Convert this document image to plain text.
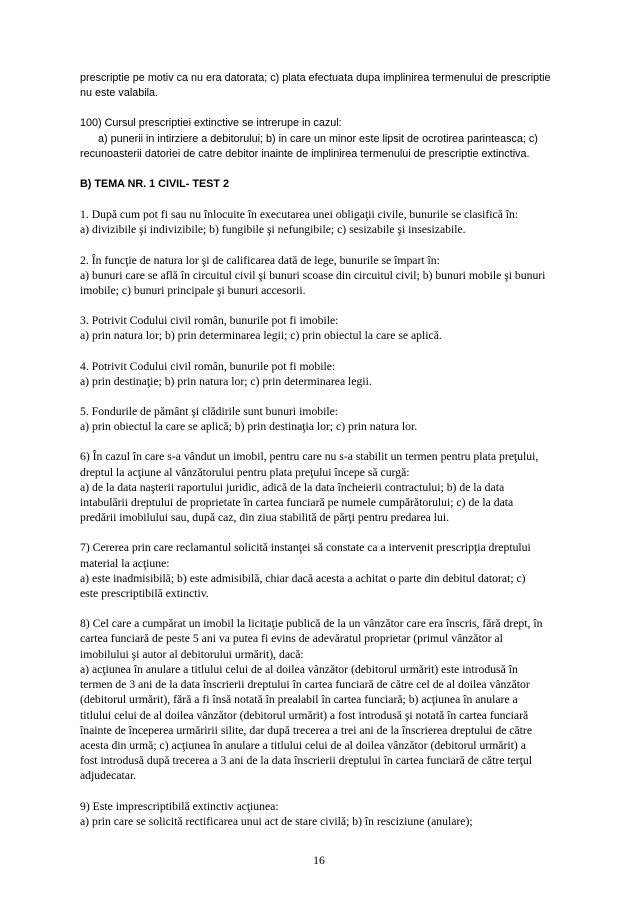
prescriptie pe motiv ca nu era datorata; c) plata efectuata dupa implinirea termenului de prescriptie
nu este valabila.

100) Cursul prescriptiei extinctive se intrerupe in cazul:
a) punerii in intirziere a debitorului; b) in care un minor este lipsit de ocrotirea parinteasca; c)
recunoasterii datoriei de catre debitor inainte de implinirea termenului de prescriptie extinctiva.

B) TEMA NR. 1 CIVIL- TEST 2

1. După cum pot fi sau nu înlocuite în executarea unei obligaţii civile, bunurile se clasifică în:
a) divizibile şi indivizibile; b) fungibile şi nefungibile; c) sesizabile şi insesizabile.

2. În funcţie de natura lor şi de calificarea dată de lege, bunurile se împart în:
a) bunuri care se află în circuitul civil şi bunuri scoase din circuitul civil; b) bunuri mobile şi bunuri
imobile; c) bunuri principale şi bunuri accesorii.

3. Potrivit Codului civil român, bunurile pot fi imobile:
a) prin natura lor; b) prin determinarea legii; c) prin obiectul la care se aplică.

4. Potrivit Codului civil român, bunurile pot fi mobile:
a) prin destinaţie; b) prin natura lor; c) prin determinarea legii.

5. Fondurile de pământ şi clădirile sunt bunuri imobile:
a) prin obiectul la care se aplică; b) prin destinaţia lor; c) prin natura lor.

6) În cazul în care s-a vândut un imobil, pentru care nu s-a stabilit un termen pentru plata preţului,
dreptul la acţiune al vânzătorului pentru plata preţului începe să curgă:
a) de la data naşterii raportului juridic, adică de la data încheierii contractului; b) de la data
intabulării dreptului de proprietate în cartea funciară pe numele cumpărătorului; c) de la data
predării imobilului sau, după caz, din ziua stabilită de părţi pentru predarea lui.

7) Cererea prin care reclamantul solicită instanţei să constate ca a intervenit prescripţia dreptului
material la acţiune:
a) este inadmisibilă; b) este admisibilă, chiar dacă acesta a achitat o parte din debitul datorat; c)
este prescriptibilă extinctiv.

8) Cel care a cumpărat un imobil la licitaţie publică de la un vânzător care era înscris, fără drept, în
cartea funciară de peste 5 ani va putea fi evins de adevăratul proprietar (primul vânzător al
imobilului şi autor al debitorului urmărit), dacă:
a) acţiunea în anulare a titlului celui de al doilea vânzător (debitorul urmărit) este introdusă în
termen de 3 ani de la data înscrierii dreptului în cartea funciară de către cel de al doilea vânzător
(debitorul urmărit), fără a fi însă notată în prealabil în cartea funciară; b) acţiunea în anulare a
titlului celui de al doilea vânzător (debitorul urmărit) a fost introdusă şi notată în cartea funciară
înainte de începerea urmăririi silite, dar după trecerea a trei ani de la înscrierea dreptului de către
acesta din urmă; c) acţiunea în anulare a titlului celui de al doilea vânzător (debitorul urmărit) a
fost introdusă după trecerea a 3 ani de la data înscrierii dreptului în cartea funciară de către terţul
adjudecatar.

9) Este imprescriptibilă extinctiv acţiunea:
a) prin care se solicită rectificarea unui act de stare civilă; b) în resciziune (anulare);

16
